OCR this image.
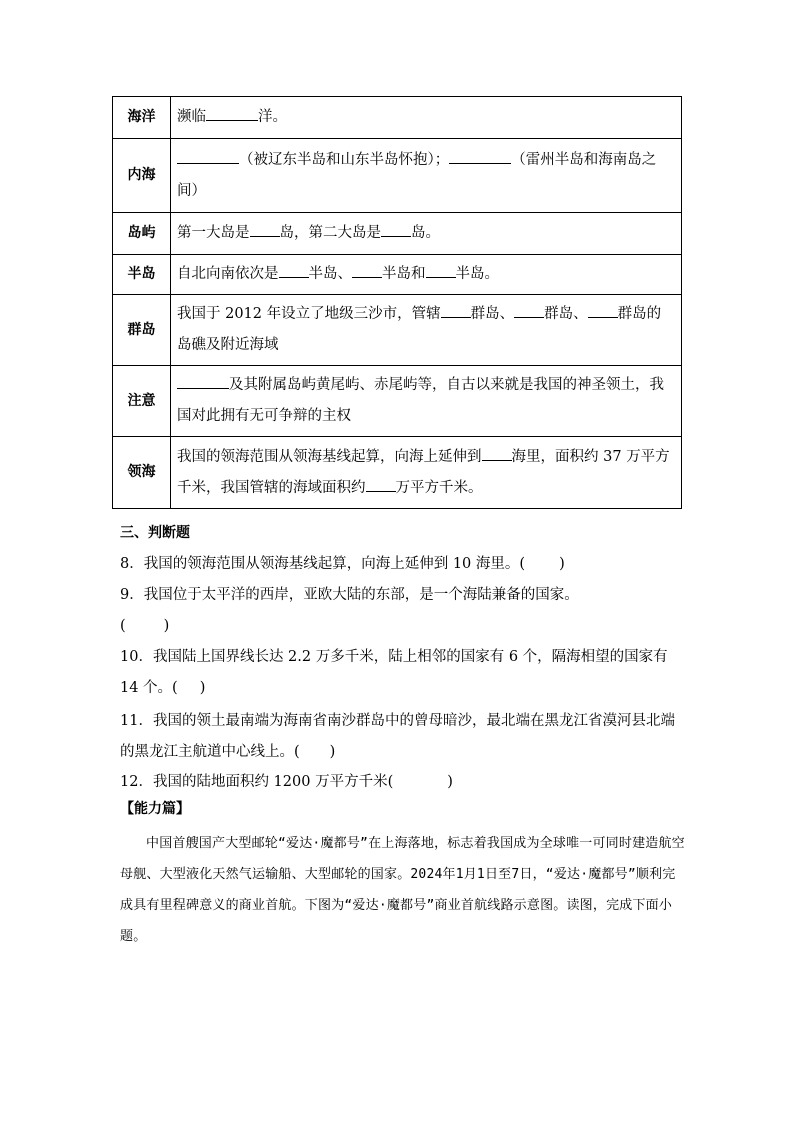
海洋	濒临 洋。
内海	（被辽东半岛和山东半岛怀抱）； （雷州半岛和海南岛之间）
岛屿	第一大岛是 岛，第二大岛是 岛。
半岛	自北向南依次是 半岛、 半岛和 半岛。
群岛	我国于 2012 年设立了地级三沙市，管辖 群岛、 群岛、 群岛的岛礁及附近海域
注意	及其附属岛屿黄尾屿、赤尾屿等，自古以来就是我国的神圣领土，我国对此拥有无可争辩的主权
领海	我国的领海范围从领海基线起算，向海上延伸到 海里，面积约 37 万平方千米，我国管辖的海域面积约 万平方千米。
三、判断题
8．我国的领海范围从领海基线起算，向海上延伸到 10 海里。( )
9．我国位于太平洋的西岸，亚欧大陆的东部，是一个海陆兼备的国家。
(	)
10．我国陆上国界线长达 2.2 万多千米，陆上相邻的国家有 6 个，隔海相望的国家有 14 个。( )
11．我国的领土最南端为海南省南沙群岛中的曾母暗沙，最北端在黑龙江省漠河县北端的黑龙江主航道中心线上。( )
12．我国的陆地面积约 1200 万平方千米(	)
【能力篇】
中国首艘国产大型邮轮“爱达·魔都号”在上海落地，标志着我国成为全球唯一可同时建造航空母舰、大型液化天然气运输船、大型邮轮的国家。2024年1月1日至7日，“爱达·魔都号”顺利完成具有里程碑意义的商业首航。下图为“爱达·魔都号”商业首航线路示意图。读图，完成下面小题。
